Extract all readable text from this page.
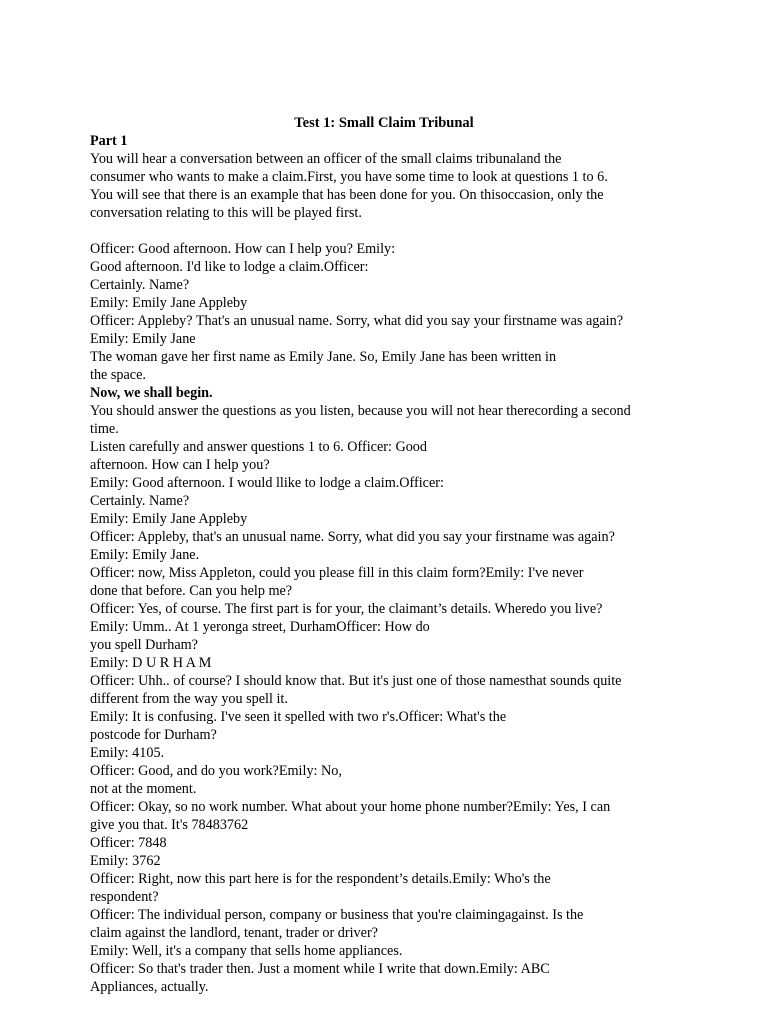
Test 1: Small Claim Tribunal
Part 1
You will hear a conversation between an officer of the small claims tribunaland the
consumer who wants to make a claim.First, you have some time to look at questions 1 to 6.
You will see that there is an example that has been done for you. On thisoccasion, only the
conversation relating to this will be played first.
Officer: Good afternoon. How can I help you? Emily:
Good afternoon. I'd like to lodge a claim.Officer:
Certainly. Name?
Emily: Emily Jane Appleby
Officer: Appleby? That's an unusual name. Sorry, what did you say your firstname was again?
Emily: Emily Jane
The woman gave her first name as Emily Jane. So, Emily Jane has been written in
the space.
Now, we shall begin.
You should answer the questions as you listen, because you will not hear therecording a second
time.
Listen carefully and answer questions 1 to 6. Officer: Good
afternoon. How can I help you?
Emily: Good afternoon. I would llike to lodge a claim.Officer:
Certainly. Name?
Emily: Emily Jane Appleby
Officer: Appleby, that's an unusual name. Sorry, what did you say your firstname was again?
Emily: Emily Jane.
Officer: now, Miss Appleton, could you please fill in this claim form?Emily: I've never
done that before. Can you help me?
Officer: Yes, of course. The first part is for your, the claimant’s details. Wheredo you live?
Emily: Umm.. At 1 yeronga street, DurhamOfficer: How do
you spell Durham?
Emily: D U R H A M
Officer: Uhh.. of course? I should know that. But it's just one of those namesthat sounds quite
different from the way you spell it.
Emily: It is confusing. I've seen it spelled with two r's.Officer: What's the
postcode for Durham?
Emily: 4105.
Officer: Good, and do you work?Emily: No,
not at the moment.
Officer: Okay, so no work number. What about your home phone number?Emily: Yes, I can
give you that. It's 78483762
Officer: 7848
Emily: 3762
Officer: Right, now this part here is for the respondent’s details.Emily: Who's the
respondent?
Officer: The individual person, company or business that you're claimingagainst. Is the
claim against the landlord, tenant, trader or driver?
Emily: Well, it's a company that sells home appliances.
Officer: So that's trader then. Just a moment while I write that down.Emily: ABC
Appliances, actually.
